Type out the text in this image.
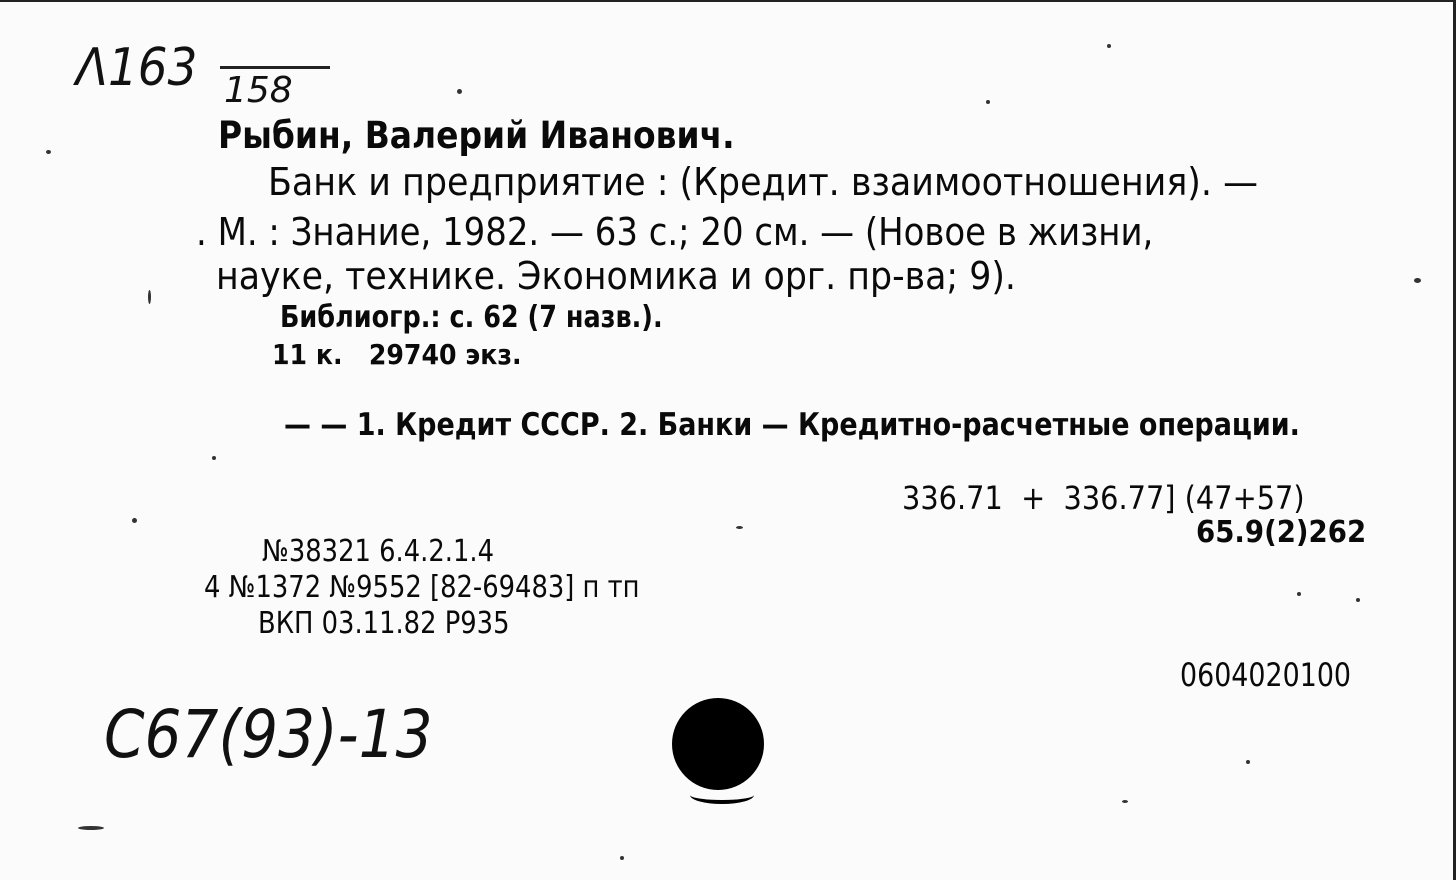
Λ163 158
Рыбин, Валерий Иванович.
Банк и предприятие : (Кредит. взаимоотношения). —
. М. : Знание, 1982. — 63 с.; 20 см. — (Новое в жизни,
науке, технике. Экономика и орг. пр-ва; 9).
Библиогр.: с. 62 (7 назв.).
11 к.   29740 экз.
— — 1. Кредит СССР. 2. Банки — Кредитно-расчетные операции.
336.71  +  336.77] (47+57)
65.9(2)262
№38321 6.4.2.1.4
4 №1372 №9552 [82-69483] п тп
ВКП 03.11.82 Р935
0604020100
С67(93)-13
